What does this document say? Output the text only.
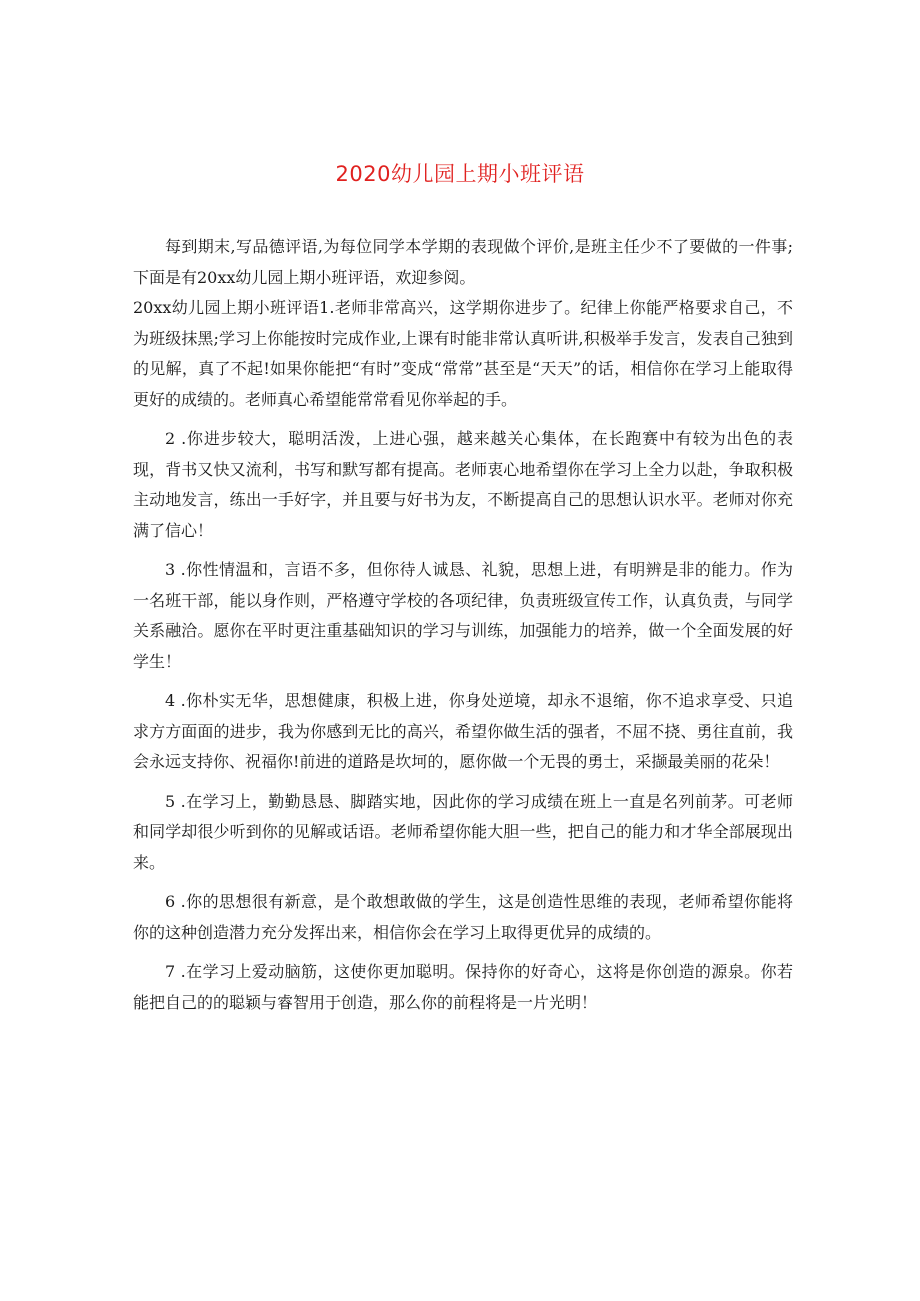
2020幼儿园上期小班评语

每到期末,写品德评语,为每位同学本学期的表现做个评价,是班主任少不了要做的一件事;下面是有20xx幼儿园上期小班评语，欢迎参阅。

20xx幼儿园上期小班评语1.老师非常高兴，这学期你进步了。纪律上你能严格要求自己，不为班级抹黑;学习上你能按时完成作业,上课有时能非常认真听讲,积极举手发言，发表自己独到的见解，真了不起!如果你能把“有时”变成“常常”甚至是“天天”的话，相信你在学习上能取得更好的成绩的。老师真心希望能常常看见你举起的手。

2 .你进步较大，聪明活泼，上进心强，越来越关心集体，在长跑赛中有较为出色的表现，背书又快又流利，书写和默写都有提高。老师衷心地希望你在学习上全力以赴，争取积极主动地发言，练出一手好字，并且要与好书为友，不断提高自己的思想认识水平。老师对你充满了信心！

3 .你性情温和，言语不多，但你待人诚恳、礼貌，思想上进，有明辨是非的能力。作为一名班干部，能以身作则，严格遵守学校的各项纪律，负责班级宣传工作，认真负责，与同学关系融洽。愿你在平时更注重基础知识的学习与训练，加强能力的培养，做一个全面发展的好学生！

4 .你朴实无华，思想健康，积极上进，你身处逆境，却永不退缩，你不追求享受、只追求方方面面的进步，我为你感到无比的高兴，希望你做生活的强者，不屈不挠、勇往直前，我会永远支持你、祝福你!前进的道路是坎坷的，愿你做一个无畏的勇士，采撷最美丽的花朵！

5 .在学习上，勤勤恳恳、脚踏实地，因此你的学习成绩在班上一直是名列前茅。可老师和同学却很少听到你的见解或话语。老师希望你能大胆一些，把自己的能力和才华全部展现出来。

6 .你的思想很有新意，是个敢想敢做的学生，这是创造性思维的表现，老师希望你能将你的这种创造潜力充分发挥出来，相信你会在学习上取得更优异的成绩的。

7 .在学习上爱动脑筋，这使你更加聪明。保持你的好奇心，这将是你创造的源泉。你若能把自己的的聪颖与睿智用于创造，那么你的前程将是一片光明！
